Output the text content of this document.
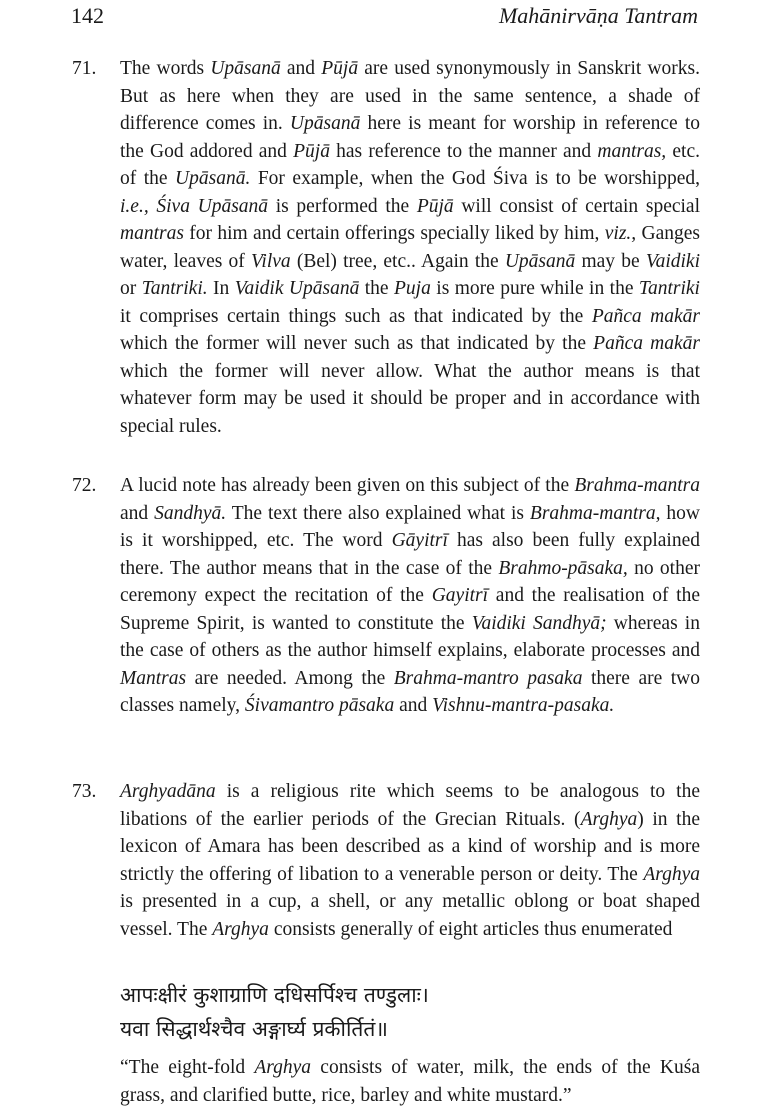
142	Mahānirvāṇa Tantram
71. The words Upāsanā and Pūjā are used synonymously in Sanskrit works. But as here when they are used in the same sentence, a shade of difference comes in. Upāsanā here is meant for worship in reference to the God addored and Pūjā has reference to the manner and mantras, etc. of the Upāsanā. For example, when the God Śiva is to be worshipped, i.e., Śiva Upāsanā is performed the Pūjā will consist of certain special mantras for him and certain offerings specially liked by him, viz., Ganges water, leaves of Vilva (Bel) tree, etc.. Again the Upāsanā may be Vaidiki or Tantriki. In Vaidik Upāsanā the Puja is more pure while in the Tantriki it comprises certain things such as that indicated by the Pañca makār which the former will never such as that indicated by the Pañca makār which the former will never allow. What the author means is that whatever form may be used it should be proper and in accordance with special rules.
72. A lucid note has already been given on this subject of the Brahma-mantra and Sandhyā. The text there also explained what is Brahma-mantra, how is it worshipped, etc. The word Gāyitrī has also been fully explained there. The author means that in the case of the Brahmo-pāsaka, no other ceremony expect the recitation of the Gayitrī and the realisation of the Supreme Spirit, is wanted to constitute the Vaidiki Sandhyā; whereas in the case of others as the author himself explains, elaborate processes and Mantras are needed. Among the Brahma-mantro pasaka there are two classes namely, Śivamantro pāsaka and Vishnu-mantra-pasaka.
73. Arghyadāna is a religious rite which seems to be analogous to the libations of the earlier periods of the Grecian Rituals. (Arghya) in the lexicon of Amara has been described as a kind of worship and is more strictly the offering of libation to a venerable person or deity. The Arghya is presented in a cup, a shell, or any metallic oblong or boat shaped vessel. The Arghya consists generally of eight articles thus enumerated
आपःक्षीरं कुशाग्राणि दधिसर्पिश्च तण्डुलाः।
यवा सिद्धार्थश्चैव अङ्गार्घ्य प्रकीर्तितं॥
“The eight-fold Arghya consists of water, milk, the ends of the Kuśa grass, and clarified butte, rice, barley and white mustard.”
